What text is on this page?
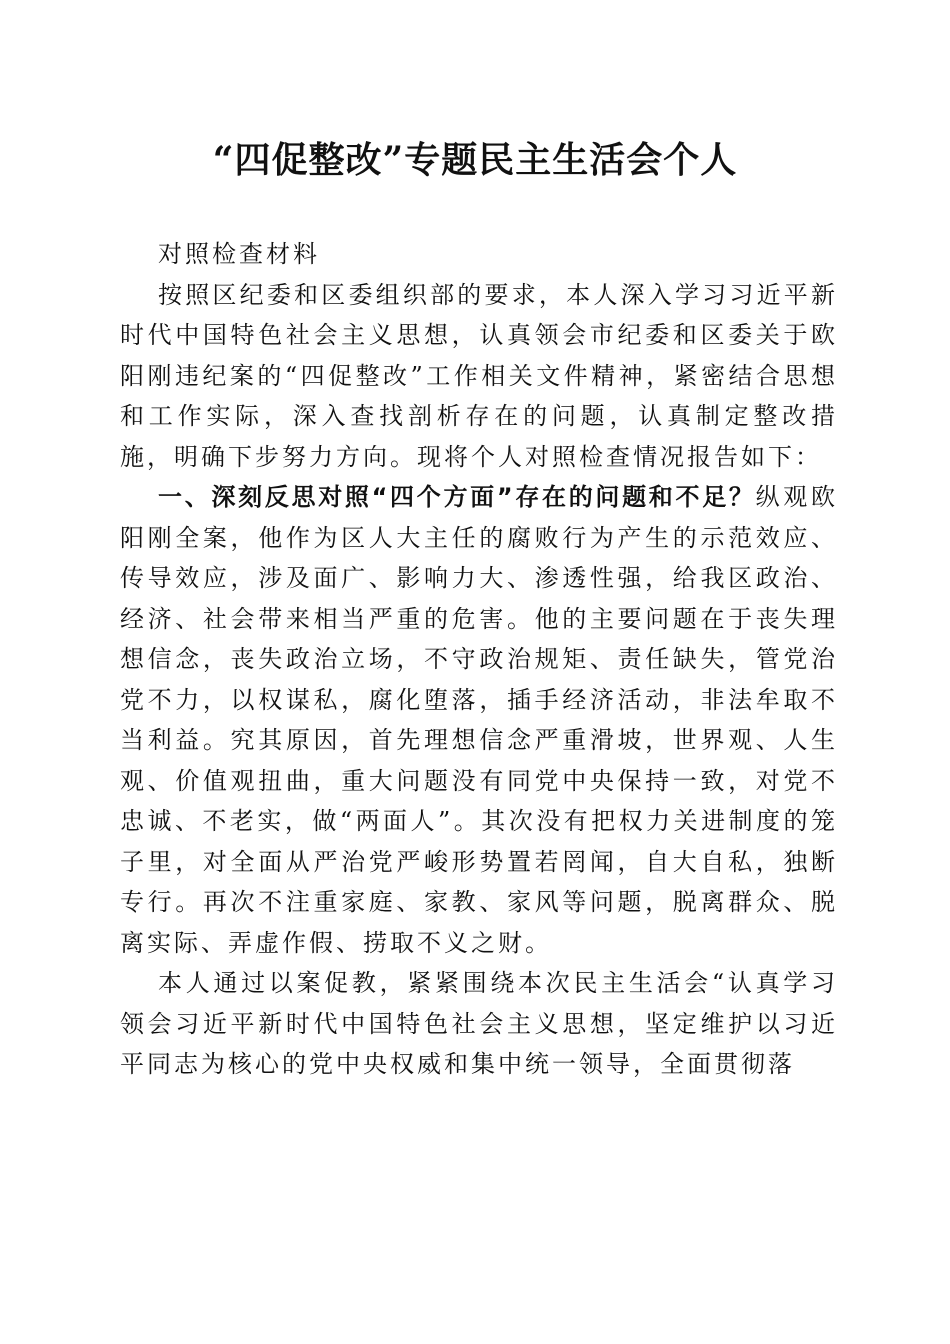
“四促整改”专题民主生活会个人

对照检查材料

按照区纪委和区委组织部的要求，本人深入学习习近平新时代中国特色社会主义思想，认真领会市纪委和区委关于欧阳刚违纪案的“四促整改”工作相关文件精神，紧密结合思想和工作实际，深入查找剖析存在的问题，认真制定整改措施，明确下步努力方向。现将个人对照检查情况报告如下：

一、深刻反思对照“四个方面”存在的问题和不足？纵观欧阳刚全案，他作为区人大主任的腐败行为产生的示范效应、传导效应，涉及面广、影响力大、渗透性强，给我区政治、经济、社会带来相当严重的危害。他的主要问题在于丧失理想信念，丧失政治立场，不守政治规矩、责任缺失，管党治党不力，以权谋私，腐化堕落，插手经济活动，非法牟取不当利益。究其原因，首先理想信念严重滑坡，世界观、人生观、价值观扭曲，重大问题没有同党中央保持一致，对党不忠诚、不老实，做“两面人”。其次没有把权力关进制度的笼子里，对全面从严治党严峻形势置若罔闻，自大自私，独断专行。再次不注重家庭、家教、家风等问题，脱离群众、脱离实际、弄虚作假、捞取不义之财。

本人通过以案促教，紧紧围绕本次民主生活会“认真学习领会习近平新时代中国特色社会主义思想，坚定维护以习近平同志为核心的党中央权威和集中统一领导，全面贯彻落
